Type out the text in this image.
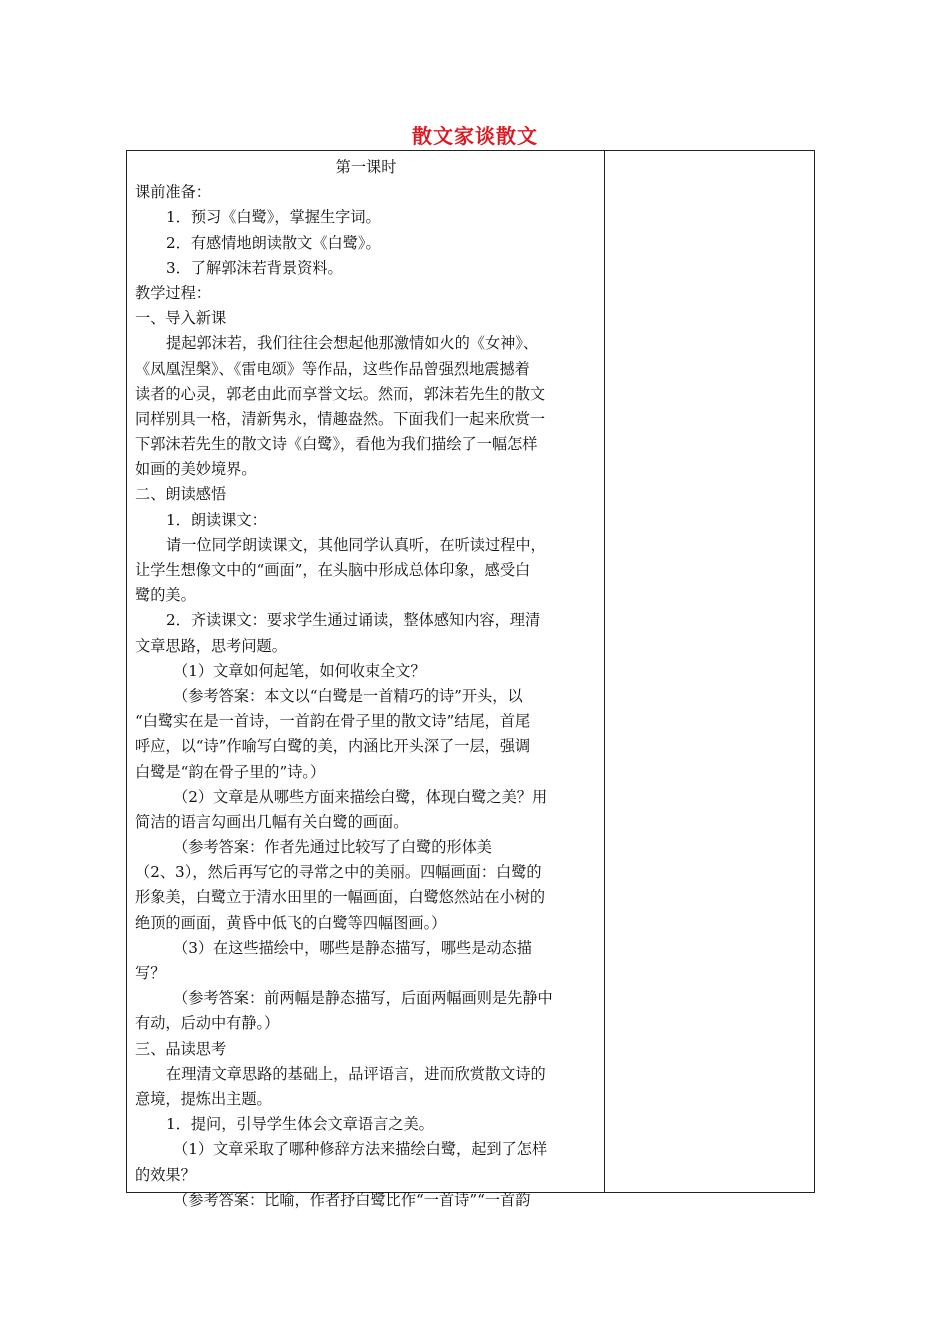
散文家谈散文
第一课时
课前准备：
1．预习《白鹭》，掌握生字词。
2．有感情地朗读散文《白鹭》。
3．了解郭沫若背景资料。
教学过程：
一、导入新课
提起郭沫若，我们往往会想起他那激情如火的《女神》、
《凤凰涅槃》、《雷电颂》等作品，这些作品曾强烈地震撼着
读者的心灵，郭老由此而享誉文坛。然而，郭沫若先生的散文
同样别具一格，清新隽永，情趣盎然。下面我们一起来欣赏一
下郭沫若先生的散文诗《白鹭》，看他为我们描绘了一幅怎样
如画的美妙境界。
二、朗读感悟
1．朗读课文：
请一位同学朗读课文，其他同学认真听，在听读过程中，
让学生想像文中的“画面”，在头脑中形成总体印象，感受白
鹭的美。
2．齐读课文：要求学生通过诵读，整体感知内容，理清
文章思路，思考问题。
（1）文章如何起笔，如何收束全文？
（参考答案：本文以“白鹭是一首精巧的诗”开头，以
“白鹭实在是一首诗，一首韵在骨子里的散文诗”结尾，首尾
呼应，以“诗”作喻写白鹭的美，内涵比开头深了一层，强调
白鹭是“韵在骨子里的”诗。）
（2）文章是从哪些方面来描绘白鹭，体现白鹭之美？用
简洁的语言勾画出几幅有关白鹭的画面。
（参考答案：作者先通过比较写了白鹭的形体美
（2、3），然后再写它的寻常之中的美丽。四幅画面：白鹭的
形象美，白鹭立于清水田里的一幅画面，白鹭悠然站在小树的
绝顶的画面，黄昏中低飞的白鹭等四幅图画。）
（3）在这些描绘中，哪些是静态描写，哪些是动态描
写？
（参考答案：前两幅是静态描写，后面两幅画则是先静中
有动，后动中有静。）
三、品读思考
在理清文章思路的基础上，品评语言，进而欣赏散文诗的
意境，提炼出主题。
1．提问，引导学生体会文章语言之美。
（1）文章采取了哪种修辞方法来描绘白鹭，起到了怎样
的效果？
（参考答案：比喻，作者抒白鹭比作“一首诗”“一首韵
